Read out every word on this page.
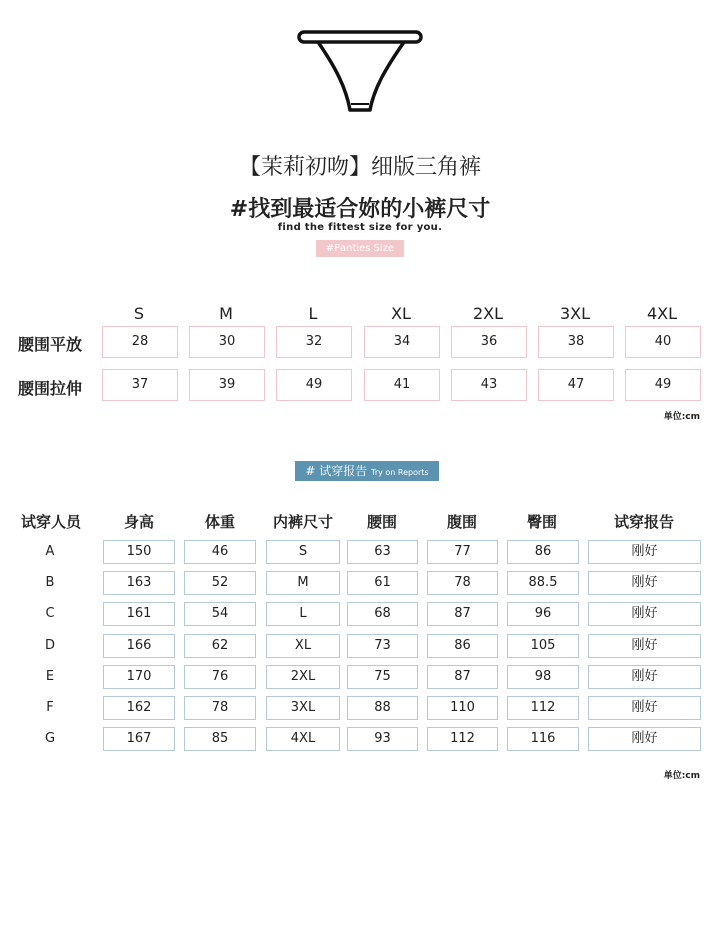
【茉莉初吻】细版三角裤
#找到最适合妳的小裤尺寸
find the fittest size for you.
#Panties Size
S	M	L	XL	2XL	3XL	4XL
腰围平放	28	30	32	34	36	38	40
腰围拉伸	37	39	49	41	43	47	49
单位:cm
# 试穿报告 Try on Reports
试穿人员	身高	体重	内裤尺寸	腰围	腹围	臀围	试穿报告
A	150	46	S	63	77	86	刚好
B	163	52	M	61	78	88.5	刚好
C	161	54	L	68	87	96	刚好
D	166	62	XL	73	86	105	刚好
E	170	76	2XL	75	87	98	刚好
F	162	78	3XL	88	110	112	刚好
G	167	85	4XL	93	112	116	刚好
单位:cm
